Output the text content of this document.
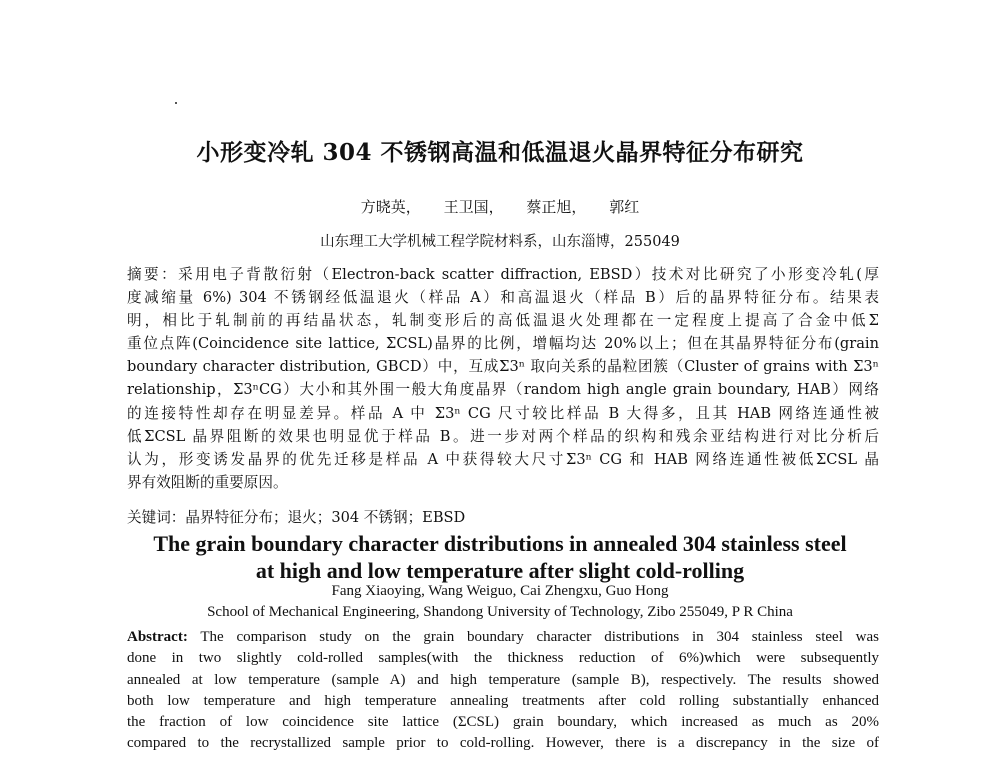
小形变冷轧 304 不锈钢高温和低温退火晶界特征分布研究
方晓英， 王卫国， 蔡正旭， 郭红
山东理工大学机械工程学院材料系，山东淄博，255049
摘要：采用电子背散衍射（Electron-back scatter diffraction, EBSD）技术对比研究了小形变冷轧(厚
度减缩量 6%) 304 不锈钢经低温退火（样品 A）和高温退火（样品 B）后的晶界特征分布。结果表
明，相比于轧制前的再结晶状态，轧制变形后的高低温退火处理都在一定程度上提高了合金中低Σ
重位点阵(Coincidence site lattice, ΣCSL)晶界的比例，增幅均达 20%以上；但在其晶界特征分布(grain
boundary character distribution, GBCD）中，互成Σ3ⁿ 取向关系的晶粒团簇（Cluster of grains with Σ3ⁿ
relationship，Σ3ⁿCG）大小和其外围一般大角度晶界（random high angle grain boundary, HAB）网络
的连接特性却存在明显差异。样品 A 中 Σ3ⁿ CG 尺寸较比样品 B 大得多，且其 HAB 网络连通性被
低ΣCSL 晶界阻断的效果也明显优于样品 B。进一步对两个样品的织构和残余亚结构进行对比分析后
认为，形变诱发晶界的优先迁移是样品 A 中获得较大尺寸Σ3ⁿ CG 和 HAB 网络连通性被低ΣCSL 晶
界有效阻断的重要原因。
关键词：晶界特征分布；退火；304 不锈钢；EBSD
The grain boundary character distributions in annealed 304 stainless steel
at high and low temperature after slight cold-rolling
Fang Xiaoying, Wang Weiguo, Cai Zhengxu, Guo Hong
School of Mechanical Engineering, Shandong University of Technology, Zibo 255049, P R China
Abstract: The comparison study on the grain boundary character distributions in 304 stainless steel was
done in two slightly cold-rolled samples(with the thickness reduction of 6%)which were subsequently
annealed at low temperature (sample A) and high temperature (sample B), respectively. The results showed
both low temperature and high temperature annealing treatments after cold rolling substantially enhanced
the fraction of low coincidence site lattice (ΣCSL) grain boundary, which increased as much as 20%
compared to the recrystallized sample prior to cold-rolling. However, there is a discrepancy in the size of
